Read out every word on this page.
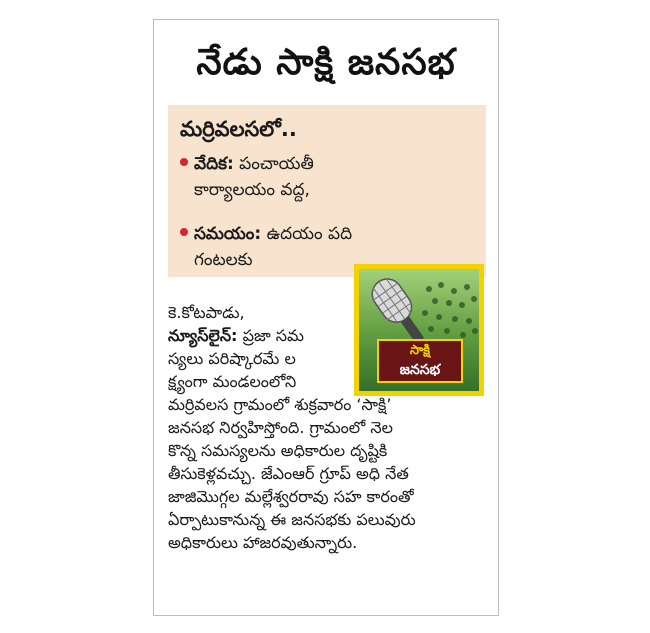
నేడు సాక్షి జనసభ
మర్రివలసలో..
వేదిక: పంచాయతీ
కార్యాలయం వద్ద,
సమయం: ఉదయం పది
గంటలకు
సాక్షి
జనసభ
కె.కోటపాడు,
న్యూస్‌లైన్: ప్రజా సమ
స్యలు పరిష్కారమే ల
క్ష్యంగా మండలంలోని
మర్రివలస గ్రామంలో శుక్రవారం ‘సాక్షి’
జనసభ నిర్వహిస్తోంది. గ్రామంలో నెల
కొన్న సమస్యలను అధికారుల దృష్టికి
తీసుకెళ్లవచ్చు. జేఎంఆర్ గ్రూప్ అధి నేత
జాజిమొగ్గల మల్లేశ్వరరావు సహ కారంతో
ఏర్పాటుకానున్న ఈ జనసభకు పలువురు
అధికారులు హాజరవుతున్నారు.
